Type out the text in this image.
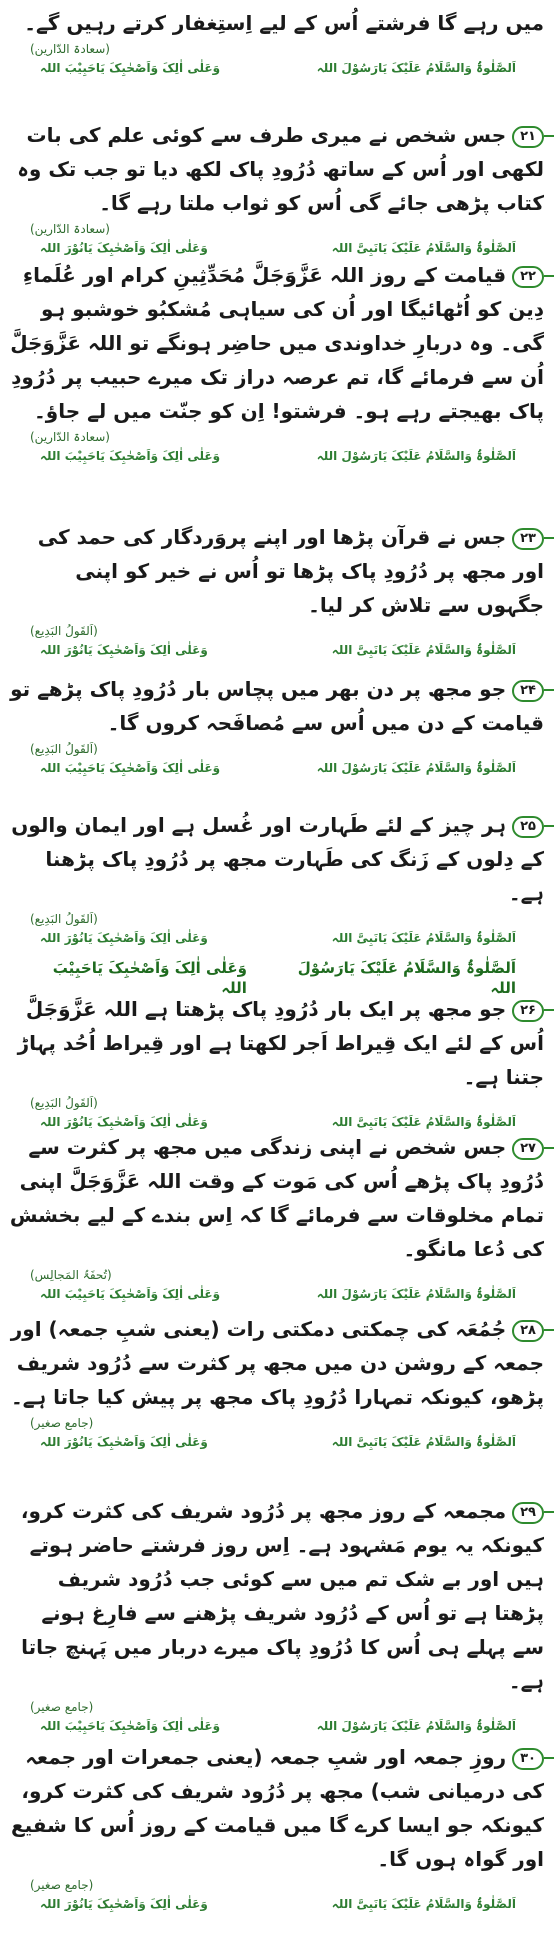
میں رہے گا فرشتے اُس کے لیے اِستِغفار کرتے رہیں گے۔
(سعادۃ الدّارین)
اَلصَّلٰوۃُ وَالسَّلَامُ عَلَیْکَ یَارَسُوْلَ اللہ
وَعَلٰی اٰلِکَ وَاَصْحٰبِکَ یَاحَبِیْبَ اللہ
۲۱جس شخص نے میری طرف سے کوئی علم کی بات لکھی اور اُس کے ساتھ دُرُودِ پاک لکھ دیا تو جب تک وہ کتاب پڑھی جائے گی اُس کو ثواب ملتا رہے گا۔
(سعادۃ الدّارین)
اَلصَّلٰوۃُ وَالسَّلَامُ عَلَیْکَ یَانَبِیَّ اللہ
وَعَلٰی اٰلِکَ وَاَصْحٰبِکَ یَانُوْرَ اللہ
۲۲قیامت کے روز اللہ عَزَّوَجَلَّ مُحَدِّثِینِ کرام اور عُلَماءِ دِین کو اُٹھائیگا اور اُن کی سیاہی مُشکبُو خوشبو ہو گی۔ وہ دربارِ خداوندی میں حاضِر ہونگے تو اللہ عَزَّوَجَلَّ اُن سے فرمائے گا، تم عرصہ دراز تک میرے حبیب پر دُرُودِ پاک بھیجتے رہے ہو۔ فرشتو! اِن کو جنّت میں لے جاؤ۔
(سعادۃ الدّارین)
اَلصَّلٰوۃُ وَالسَّلَامُ عَلَیْکَ یَارَسُوْلَ اللہ
وَعَلٰی اٰلِکَ وَاَصْحٰبِکَ یَاحَبِیْبَ اللہ
۲۳جس نے قرآن پڑھا اور اپنے پروَردگار کی حمد کی اور مجھ پر دُرُودِ پاک پڑھا تو اُس نے خیر کو اپنی جگہوں سے تلاش کر لیا۔
(اَلقَولُ البَدِیع)
اَلصَّلٰوۃُ وَالسَّلَامُ عَلَیْکَ یَانَبِیَّ اللہ
وَعَلٰی اٰلِکَ وَاَصْحٰبِکَ یَانُوْرَ اللہ
۲۴جو مجھ پر دن بھر میں پچاس بار دُرُودِ پاک پڑھے تو قیامت کے دن میں اُس سے مُصافَحہ کروں گا۔
(اَلقَولُ البَدِیع)
اَلصَّلٰوۃُ وَالسَّلَامُ عَلَیْکَ یَارَسُوْلَ اللہ
وَعَلٰی اٰلِکَ وَاَصْحٰبِکَ یَاحَبِیْبَ اللہ
۲۵ہر چیز کے لئے طَہارت اور غُسل ہے اور ایمان والوں کے دِلوں کے زَنگ کی طَہارت مجھ پر دُرُودِ پاک پڑھنا ہے۔
(اَلقَولُ البَدِیع)
اَلصَّلٰوۃُ وَالسَّلَامُ عَلَیْکَ یَانَبِیَّ اللہ
وَعَلٰی اٰلِکَ وَاَصْحٰبِکَ یَانُوْرَ اللہ
اَلصَّلٰوۃُ وَالسَّلَامُ عَلَیْکَ یَارَسُوْلَ اللہ
وَعَلٰی اٰلِکَ وَاَصْحٰبِکَ یَاحَبِیْبَ اللہ
۲۶جو مجھ پر ایک بار دُرُودِ پاک پڑھتا ہے اللہ عَزَّوَجَلَّ اُس کے لئے ایک قِیراط اَجر لکھتا ہے اور قِیراط اُحُد پہاڑ جتنا ہے۔
(اَلقَولُ البَدِیع)
اَلصَّلٰوۃُ وَالسَّلَامُ عَلَیْکَ یَانَبِیَّ اللہ
وَعَلٰی اٰلِکَ وَاَصْحٰبِکَ یَانُوْرَ اللہ
۲۷جس شخص نے اپنی زندگی میں مجھ پر کثرت سے دُرُودِ پاک پڑھے اُس کی مَوت کے وقت اللہ عَزَّوَجَلَّ اپنی تمام مخلوقات سے فرمائے گا کہ اِس بندے کے لیے بخشش کی دُعا مانگو۔
(تُحفَۃُ المَجالِس)
اَلصَّلٰوۃُ وَالسَّلَامُ عَلَیْکَ یَارَسُوْلَ اللہ
وَعَلٰی اٰلِکَ وَاَصْحٰبِکَ یَاحَبِیْبَ اللہ
۲۸جُمُعَہ کی چمکتی دمکتی رات (یعنی شبِ جمعہ) اور جمعہ کے روشن دن میں مجھ پر کثرت سے دُرُود شریف پڑھو، کیونکہ تمہارا دُرُودِ پاک مجھ پر پیش کیا جاتا ہے۔
(جامع صغیر)
اَلصَّلٰوۃُ وَالسَّلَامُ عَلَیْکَ یَانَبِیَّ اللہ
وَعَلٰی اٰلِکَ وَاَصْحٰبِکَ یَانُوْرَ اللہ
۲۹مجمعہ کے روز مجھ پر دُرُود شریف کی کثرت کرو، کیونکہ یہ یوم مَشہود ہے۔ اِس روز فرشتے حاضر ہوتے ہیں اور بے شک تم میں سے کوئی جب دُرُود شریف پڑھتا ہے تو اُس کے دُرُود شریف پڑھنے سے فارِغ ہونے سے پہلے ہی اُس کا دُرُودِ پاک میرے دربار میں پَہنچ جاتا ہے۔
(جامع صغیر)
اَلصَّلٰوۃُ وَالسَّلَامُ عَلَیْکَ یَارَسُوْلَ اللہ
وَعَلٰی اٰلِکَ وَاَصْحٰبِکَ یَاحَبِیْبَ اللہ
۳۰روزِ جمعہ اور شبِ جمعہ (یعنی جمعرات اور جمعہ کی درمیانی شب) مجھ پر دُرُود شریف کی کثرت کرو، کیونکہ جو ایسا کرے گا میں قیامت کے روز اُس کا شفیع اور گواہ ہوں گا۔
(جامع صغیر)
اَلصَّلٰوۃُ وَالسَّلَامُ عَلَیْکَ یَانَبِیَّ اللہ
وَعَلٰی اٰلِکَ وَاَصْحٰبِکَ یَانُوْرَ اللہ
